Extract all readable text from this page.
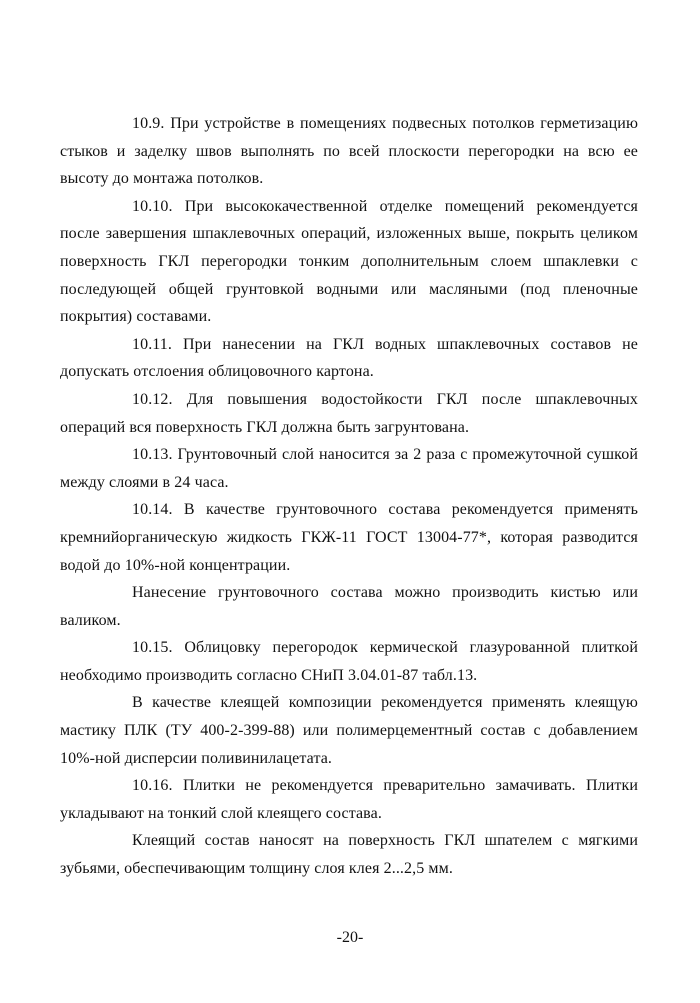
10.9. При устройстве в помещениях подвесных потолков герметизацию стыков и заделку швов выполнять по всей плоскости перегородки на всю ее высоту до монтажа потолков.

10.10. При высококачественной отделке помещений рекомендуется после завершения шпаклевочных операций, изложенных выше, покрыть целиком поверхность ГКЛ перегородки тонким дополнительным слоем шпаклевки с последующей общей грунтовкой водными или масляными (под пленочные покрытия) составами.

10.11. При нанесении на ГКЛ водных шпаклевочных составов не допускать отслоения облицовочного картона.

10.12. Для повышения водостойкости ГКЛ после шпаклевочных операций вся поверхность ГКЛ должна быть загрунтована.

10.13. Грунтовочный слой наносится за 2 раза с промежуточной сушкой между слоями в 24 часа.

10.14. В качестве грунтовочного состава рекомендуется применять кремнийорганическую жидкость ГКЖ-11 ГОСТ 13004-77*, которая разводится водой до 10%-ной концентрации.

Нанесение грунтовочного состава можно производить кистью или валиком.

10.15. Облицовку перегородок кермической глазурованной плиткой необходимо производить согласно СНиП 3.04.01-87 табл.13.

В качестве клеящей композиции рекомендуется применять клеящую мастику ПЛК (ТУ 400-2-399-88) или полимерцементный состав с добавлением 10%-ной дисперсии поливинилацетата.

10.16. Плитки не рекомендуется преварительно замачивать. Плитки укладывают на тонкий слой клеящего состава.

Клеящий состав наносят на поверхность ГКЛ шпателем с мягкими зубьями, обеспечивающим толщину слоя клея 2...2,5 мм.

-20-
